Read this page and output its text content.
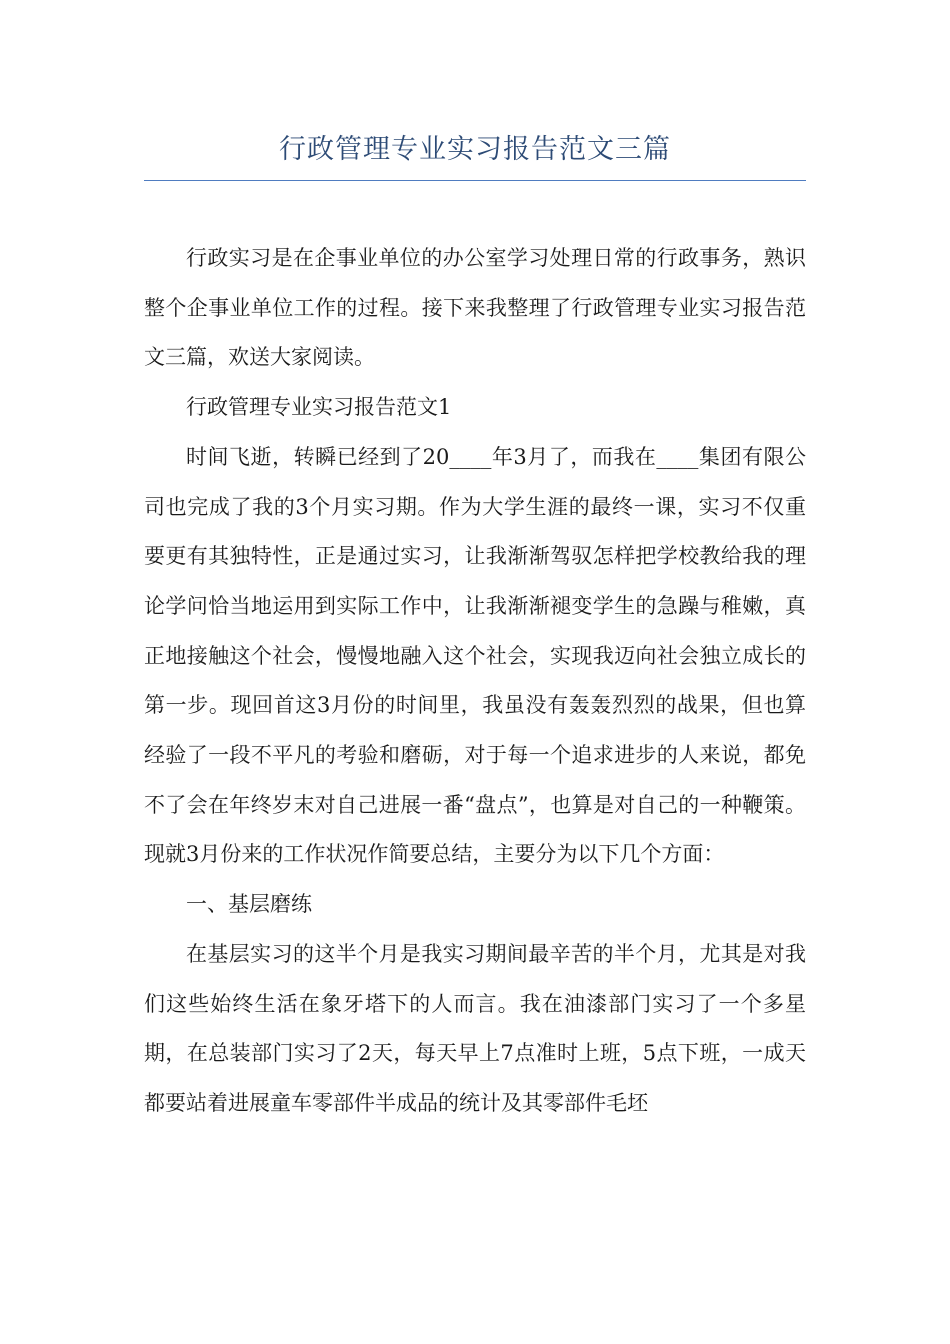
行政管理专业实习报告范文三篇

行政实习是在企事业单位的办公室学习处理日常的行政事务，熟识整个企事业单位工作的过程。接下来我整理了行政管理专业实习报告范文三篇，欢送大家阅读。

行政管理专业实习报告范文1

时间飞逝，转瞬已经到了20____年3月了，而我在____集团有限公司也完成了我的3个月实习期。作为大学生涯的最终一课，实习不仅重要更有其独特性，正是通过实习，让我渐渐驾驭怎样把学校教给我的理论学问恰当地运用到实际工作中，让我渐渐褪变学生的急躁与稚嫩，真正地接触这个社会，慢慢地融入这个社会，实现我迈向社会独立成长的第一步。现回首这3月份的时间里，我虽没有轰轰烈烈的战果，但也算经验了一段不平凡的考验和磨砺，对于每一个追求进步的人来说，都免不了会在年终岁末对自己进展一番“盘点”，也算是对自己的一种鞭策。现就3月份来的工作状况作简要总结，主要分为以下几个方面：

一、基层磨练

在基层实习的这半个月是我实习期间最辛苦的半个月，尤其是对我们这些始终生活在象牙塔下的人而言。我在油漆部门实习了一个多星期，在总装部门实习了2天，每天早上7点准时上班，5点下班，一成天都要站着进展童车零部件半成品的统计及其零部件毛坯
